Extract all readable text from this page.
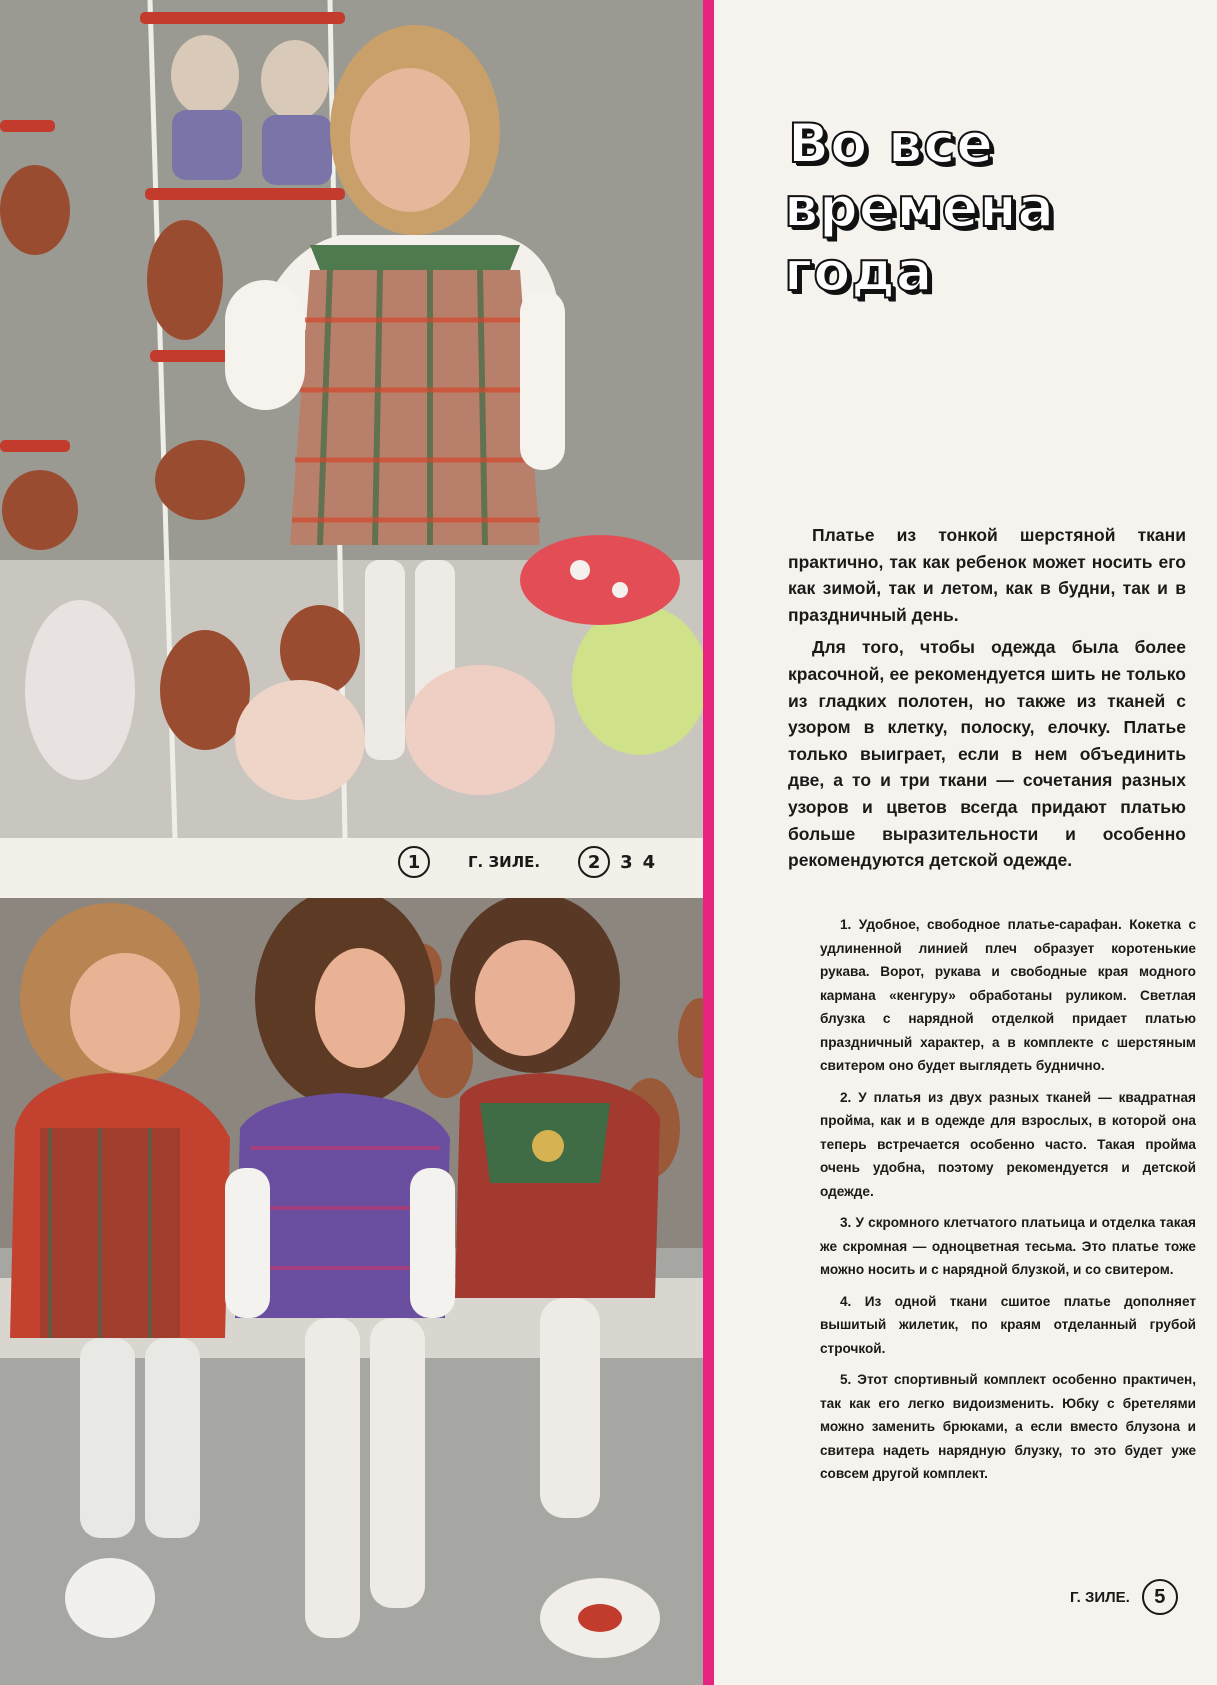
1	Г. ЗИЛЕ.	2	3 4
Во все
времена года

Платье из тонкой шерстяной ткани практично, так как ребенок может носить его как зимой, так и летом, как в будни, так и в праздничный день.

Для того, чтобы одежда была более красочной, ее рекомендуется шить не только из гладких полотен, но также из тканей с узором в клетку, полоску, елочку. Платье только выиграет, если в нем объединить две, а то и три ткани — сочетания разных узоров и цветов всегда придают платью больше выразительности и особенно рекомендуются детской одежде.

1. Удобное, свободное платье-сарафан. Кокетка с удлиненной линией плеч образует коротенькие рукава. Ворот, рукава и свободные края модного кармана «кенгуру» обработаны руликом. Светлая блузка с нарядной отделкой придает платью праздничный характер, а в комплекте с шерстяным свитером оно будет выглядеть буднично.

2. У платья из двух разных тканей — квадратная пройма, как и в одежде для взрослых, в которой она теперь встречается особенно часто. Такая пройма очень удобна, поэтому рекомендуется и детской одежде.

3. У скромного клетчатого платьица и отделка такая же скромная — одноцветная тесьма. Это платье тоже можно носить и с нарядной блузкой, и со свитером.

4. Из одной ткани сшитое платье дополняет вышитый жилетик, по краям отделанный грубой строчкой.

5. Этот спортивный комплект особенно практичен, так как его легко видоизменить. Юбку с бретелями можно заменить брюками, а если вместо блузона и свитера надеть нарядную блузку, то это будет уже совсем другой комплект.

Г. ЗИЛЕ.	5
